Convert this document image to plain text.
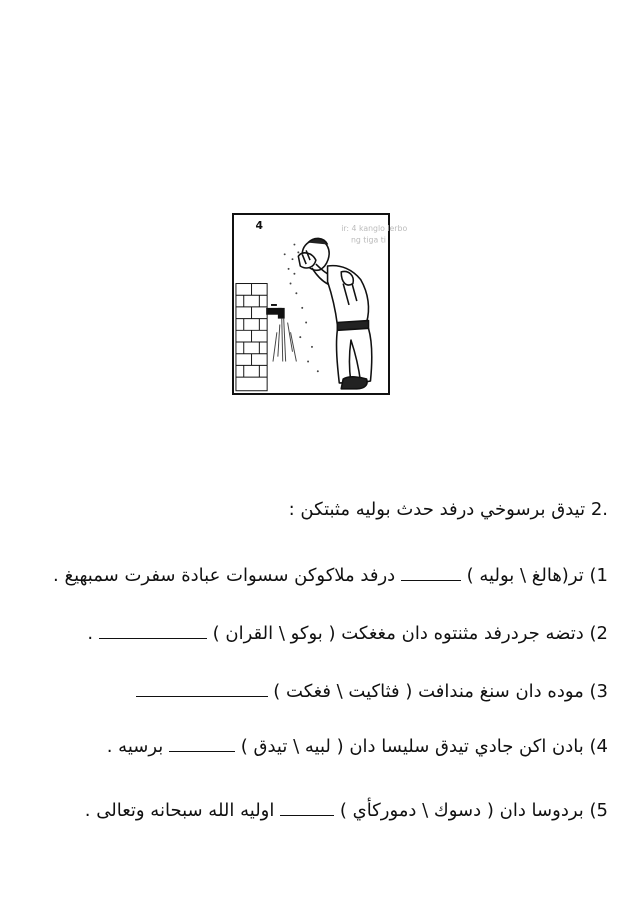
ir: 4 kanglo lerbo
ng tiga ti
4
.2 تيدق برسوخي درفد حدث بوليه مثبتكن :
1) تر(هالغ \ بوليه )  درفد ملاكوكن سسوات عبادة سفرت سمبهيغ .
2) دتضه جردرفد مثنتوه دان مغغكت ( بوكو \ القران )  .
3) موده دان سنغ مندافت ( فثاكيت \ فغكت )
4) بادن اكن جادي تيدق سليسا دان ( لبيه \ تيدق )  برسيه .
5) بردوسا دان ( دسوك \ دموركأي )  اوليه الله سبحانه وتعالى .
